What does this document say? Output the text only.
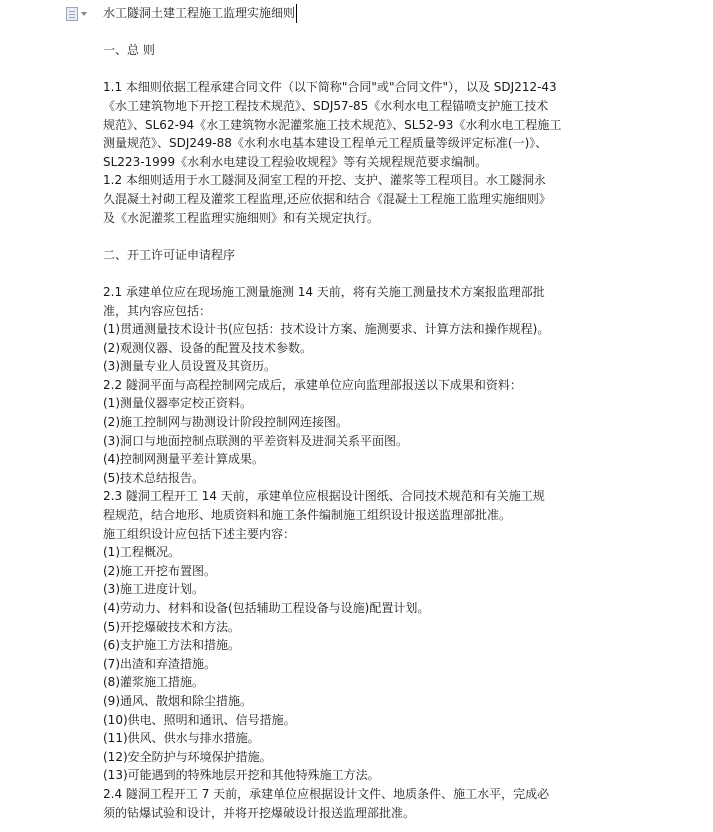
水工隧洞土建工程施工监理实施细则

一、总 则

1.1 本细则依据工程承建合同文件（以下简称"合同"或"合同文件"），以及 SDJ212-43

《水工建筑物地下开挖工程技术规范》、SDJ57-85《水利水电工程锚喷支护施工技术

规范》、SL62-94《水工建筑物水泥灌浆施工技术规范》、SL52-93《水利水电工程施工

测量规范》、SDJ249-88《水利水电基本建设工程单元工程质量等级评定标准(一)》、

SL223-1999《水利水电建设工程验收规程》等有关规程规范要求编制。

1.2 本细则适用于水工隧洞及洞室工程的开挖、支护、灌浆等工程项目。水工隧洞永

久混凝土衬砌工程及灌浆工程监理,还应依据和结合《混凝土工程施工监理实施细则》

及《水泥灌浆工程监理实施细则》和有关规定执行。

二、开工许可证申请程序

2.1 承建单位应在现场施工测量施测 14 天前，将有关施工测量技术方案报监理部批

准，其内容应包括：

(1)贯通测量技术设计书(应包括：技术设计方案、施测要求、计算方法和操作规程)。

(2)观测仪器、设备的配置及技术参数。

(3)测量专业人员设置及其资历。

2.2 隧洞平面与高程控制网完成后，承建单位应向监理部报送以下成果和资料：

(1)测量仪器率定校正资料。

(2)施工控制网与勘测设计阶段控制网连接图。

(3)洞口与地面控制点联测的平差资料及进洞关系平面图。

(4)控制网测量平差计算成果。

(5)技术总结报告。

2.3 隧洞工程开工 14 天前，承建单位应根据设计图纸、合同技术规范和有关施工规

程规范，结合地形、地质资料和施工条件编制施工组织设计报送监理部批准。

施工组织设计应包括下述主要内容：

(1)工程概况。

(2)施工开挖布置图。

(3)施工进度计划。

(4)劳动力、材料和设备(包括辅助工程设备与设施)配置计划。

(5)开挖爆破技术和方法。

(6)支护施工方法和措施。

(7)出渣和弃渣措施。

(8)灌浆施工措施。

(9)通风、散烟和除尘措施。

(10)供电、照明和通讯、信号措施。

(11)供风、供水与排水措施。

(12)安全防护与环境保护措施。

(13)可能遇到的特殊地层开挖和其他特殊施工方法。

2.4 隧洞工程开工 7 天前，承建单位应根据设计文件、地质条件、施工水平，完成必

须的钻爆试验和设计，并将开挖爆破设计报送监理部批准。
